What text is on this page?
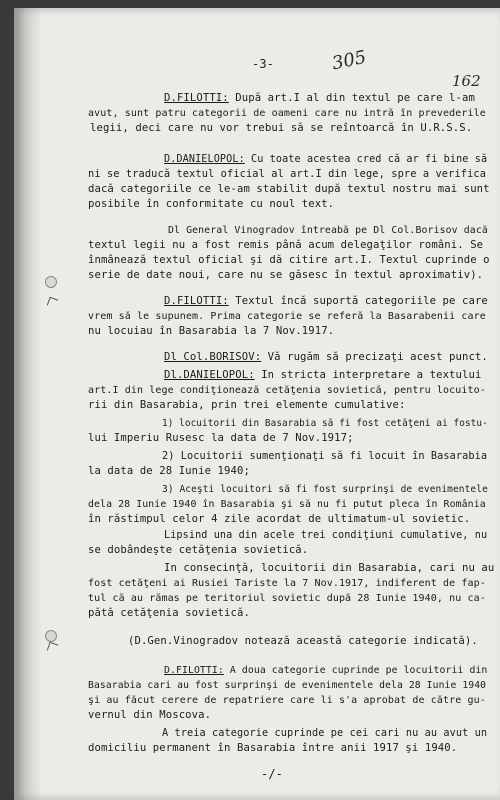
-3-	305
162
D.FILOTTI: După art.I al din textul pe care l-am
avut, sunt patru categorii de oameni care nu intră în prevederile
legii, deci care nu vor trebui să se reîntoarcă în U.R.S.S.
D.DANIELOPOL: Cu toate acestea cred că ar fi bine să
ni se traducă textul oficial al art.I din lege, spre a verifica
dacă categoriile ce le-am stabilit după textul nostru mai sunt
posibile în conformitate cu noul text.
Dl General Vinogradov întreabă pe Dl Col.Borisov dacă
textul legii nu a fost remis până acum delegaţilor români. Se
înmânează textul oficial şi dă citire art.I. Textul cuprinde o
serie de date noui, care nu se găsesc în textul aproximativ).
D.FILOTTI: Textul încă suportă categoriile pe care
vrem să le supunem. Prima categorie se referă la Basarabenii care
nu locuiau în Basarabia la 7 Nov.1917.
Dl Col.BORISOV: Vă rugăm să precizaţi acest punct.
Dl.DANIELOPOL: In stricta interpretare a textului
art.I din lege condiţionează cetăţenia sovietică, pentru locuito-
rii din Basarabia, prin trei elemente cumulative:
1) locuitorii din Basarabia să fi fost cetăţeni ai fostu-
lui Imperiu Rusesc la data de 7 Nov.1917;
2) Locuitorii sumenţionaţi să fi locuit în Basarabia
la data de 28 Iunie 1940;
3) Aceşti locuitori să fi fost surprinşi de evenimentele
dela 28 Iunie 1940 în Basarabia şi să nu fi putut pleca în România
în răstimpul celor 4 zile acordat de ultimatum-ul sovietic.
Lipsind una din acele trei condiţiuni cumulative, nu
se dobândeşte cetăţenia sovietică.
In consecinţă, locuitorii din Basarabia, cari nu au
fost cetăţeni ai Rusiei Tariste la 7 Nov.1917, indiferent de fap-
tul că au rămas pe teritoriul sovietic după 28 Iunie 1940, nu ca-
pătă cetăţenia sovietică.
(D.Gen.Vinogradov notează această categorie indicată).
D.FILOTTI: A doua categorie cuprinde pe locuitorii din
Basarabia cari au fost surprinşi de evenimentele dela 28 Iunie 1940
şi au făcut cerere de repatriere care li s'a aprobat de către gu-
vernul din Moscova.
A treia categorie cuprinde pe cei cari nu au avut un
domiciliu permanent în Basarabia între anii 1917 şi 1940.
-/-
